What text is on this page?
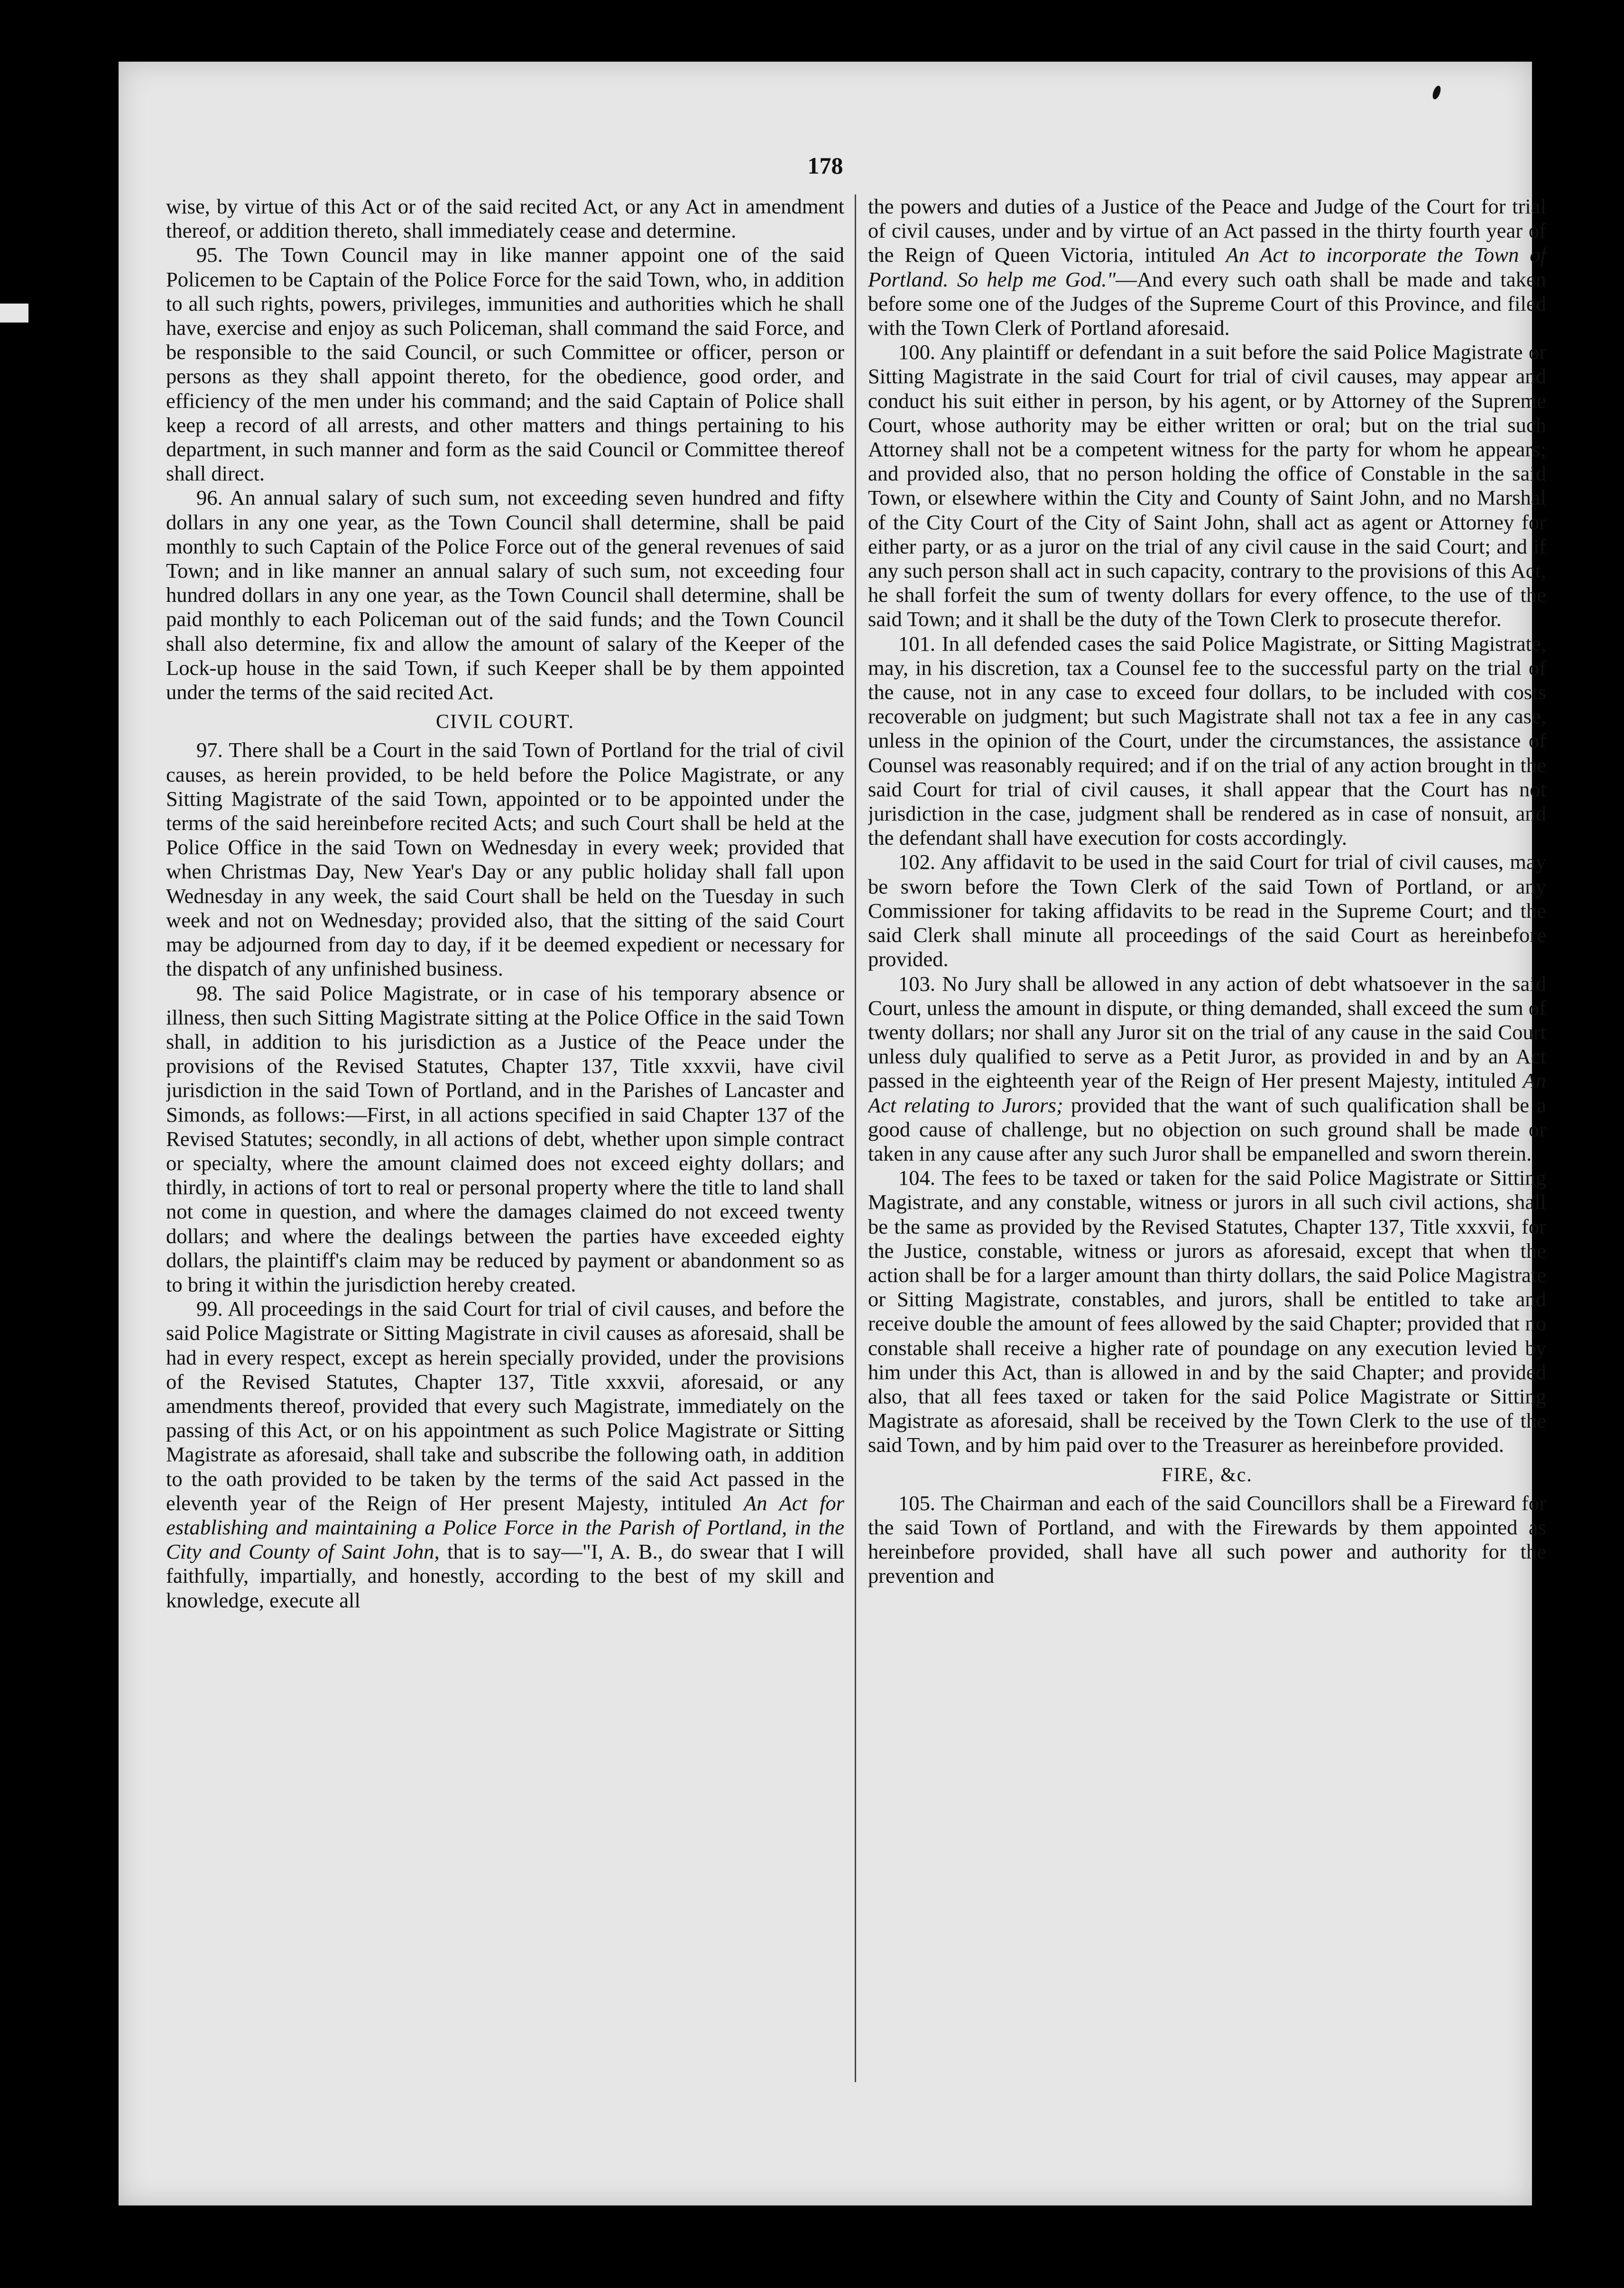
178

wise, by virtue of this Act or of the said recited Act, or any Act in amendment thereof, or addition thereto, shall immediately cease and determine.

95. The Town Council may in like manner appoint one of the said Policemen to be Captain of the Police Force for the said Town, who, in addition to all such rights, powers, privileges, immunities and authorities which he shall have, exercise and enjoy as such Policeman, shall command the said Force, and be responsible to the said Council, or such Committee or officer, person or persons as they shall appoint thereto, for the obedience, good order, and efficiency of the men under his command; and the said Captain of Police shall keep a record of all arrests, and other matters and things pertaining to his department, in such manner and form as the said Council or Committee thereof shall direct.

96. An annual salary of such sum, not exceeding seven hundred and fifty dollars in any one year, as the Town Council shall determine, shall be paid monthly to such Captain of the Police Force out of the general revenues of said Town; and in like manner an annual salary of such sum, not exceeding four hundred dollars in any one year, as the Town Council shall determine, shall be paid monthly to each Policeman out of the said funds; and the Town Council shall also determine, fix and allow the amount of salary of the Keeper of the Lock-up house in the said Town, if such Keeper shall be by them appointed under the terms of the said recited Act.

CIVIL COURT.

97. There shall be a Court in the said Town of Portland for the trial of civil causes, as herein provided, to be held before the Police Magistrate, or any Sitting Magistrate of the said Town, appointed or to be appointed under the terms of the said hereinbefore recited Acts; and such Court shall be held at the Police Office in the said Town on Wednesday in every week; provided that when Christmas Day, New Year's Day or any public holiday shall fall upon Wednesday in any week, the said Court shall be held on the Tuesday in such week and not on Wednesday; provided also, that the sitting of the said Court may be adjourned from day to day, if it be deemed expedient or necessary for the dispatch of any unfinished business.

98. The said Police Magistrate, or in case of his temporary absence or illness, then such Sitting Magistrate sitting at the Police Office in the said Town shall, in addition to his jurisdiction as a Justice of the Peace under the provisions of the Revised Statutes, Chapter 137, Title xxxvii, have civil jurisdiction in the said Town of Portland, and in the Parishes of Lancaster and Simonds, as follows:—First, in all actions specified in said Chapter 137 of the Revised Statutes; secondly, in all actions of debt, whether upon simple contract or specialty, where the amount claimed does not exceed eighty dollars; and thirdly, in actions of tort to real or personal property where the title to land shall not come in question, and where the damages claimed do not exceed twenty dollars; and where the dealings between the parties have exceeded eighty dollars, the plaintiff's claim may be reduced by payment or abandonment so as to bring it within the jurisdiction hereby created.

99. All proceedings in the said Court for trial of civil causes, and before the said Police Magistrate or Sitting Magistrate in civil causes as aforesaid, shall be had in every respect, except as herein specially provided, under the provisions of the Revised Statutes, Chapter 137, Title xxxvii, aforesaid, or any amendments thereof, provided that every such Magistrate, immediately on the passing of this Act, or on his appointment as such Police Magistrate or Sitting Magistrate as aforesaid, shall take and subscribe the following oath, in addition to the oath provided to be taken by the terms of the said Act passed in the eleventh year of the Reign of Her present Majesty, intituled An Act for establishing and maintaining a Police Force in the Parish of Portland, in the City and County of Saint John, that is to say—"I, A. B., do swear that I will faithfully, impartially, and honestly, according to the best of my skill and knowledge, execute all

the powers and duties of a Justice of the Peace and Judge of the Court for trial of civil causes, under and by virtue of an Act passed in the thirty fourth year of the Reign of Queen Victoria, intituled An Act to incorporate the Town of Portland. So help me God."—And every such oath shall be made and taken before some one of the Judges of the Supreme Court of this Province, and filed with the Town Clerk of Portland aforesaid.

100. Any plaintiff or defendant in a suit before the said Police Magistrate or Sitting Magistrate in the said Court for trial of civil causes, may appear and conduct his suit either in person, by his agent, or by Attorney of the Supreme Court, whose authority may be either written or oral; but on the trial such Attorney shall not be a competent witness for the party for whom he appears; and provided also, that no person holding the office of Constable in the said Town, or elsewhere within the City and County of Saint John, and no Marshal of the City Court of the City of Saint John, shall act as agent or Attorney for either party, or as a juror on the trial of any civil cause in the said Court; and if any such person shall act in such capacity, contrary to the provisions of this Act, he shall forfeit the sum of twenty dollars for every offence, to the use of the said Town; and it shall be the duty of the Town Clerk to prosecute therefor.

101. In all defended cases the said Police Magistrate, or Sitting Magistrate, may, in his discretion, tax a Counsel fee to the successful party on the trial of the cause, not in any case to exceed four dollars, to be included with costs recoverable on judgment; but such Magistrate shall not tax a fee in any case, unless in the opinion of the Court, under the circumstances, the assistance of Counsel was reasonably required; and if on the trial of any action brought in the said Court for trial of civil causes, it shall appear that the Court has not jurisdiction in the case, judgment shall be rendered as in case of nonsuit, and the defendant shall have execution for costs accordingly.

102. Any affidavit to be used in the said Court for trial of civil causes, may be sworn before the Town Clerk of the said Town of Portland, or any Commissioner for taking affidavits to be read in the Supreme Court; and the said Clerk shall minute all proceedings of the said Court as hereinbefore provided.

103. No Jury shall be allowed in any action of debt whatsoever in the said Court, unless the amount in dispute, or thing demanded, shall exceed the sum of twenty dollars; nor shall any Juror sit on the trial of any cause in the said Court unless duly qualified to serve as a Petit Juror, as provided in and by an Act passed in the eighteenth year of the Reign of Her present Majesty, intituled An Act relating to Jurors; provided that the want of such qualification shall be a good cause of challenge, but no objection on such ground shall be made or taken in any cause after any such Juror shall be empanelled and sworn therein.

104. The fees to be taxed or taken for the said Police Magistrate or Sitting Magistrate, and any constable, witness or jurors in all such civil actions, shall be the same as provided by the Revised Statutes, Chapter 137, Title xxxvii, for the Justice, constable, witness or jurors as aforesaid, except that when the action shall be for a larger amount than thirty dollars, the said Police Magistrate or Sitting Magistrate, constables, and jurors, shall be entitled to take and receive double the amount of fees allowed by the said Chapter; provided that no constable shall receive a higher rate of poundage on any execution levied by him under this Act, than is allowed in and by the said Chapter; and provided also, that all fees taxed or taken for the said Police Magistrate or Sitting Magistrate as aforesaid, shall be received by the Town Clerk to the use of the said Town, and by him paid over to the Treasurer as hereinbefore provided.

FIRE, &c.

105. The Chairman and each of the said Councillors shall be a Fireward for the said Town of Portland, and with the Firewards by them appointed as hereinbefore provided, shall have all such power and authority for the prevention and
